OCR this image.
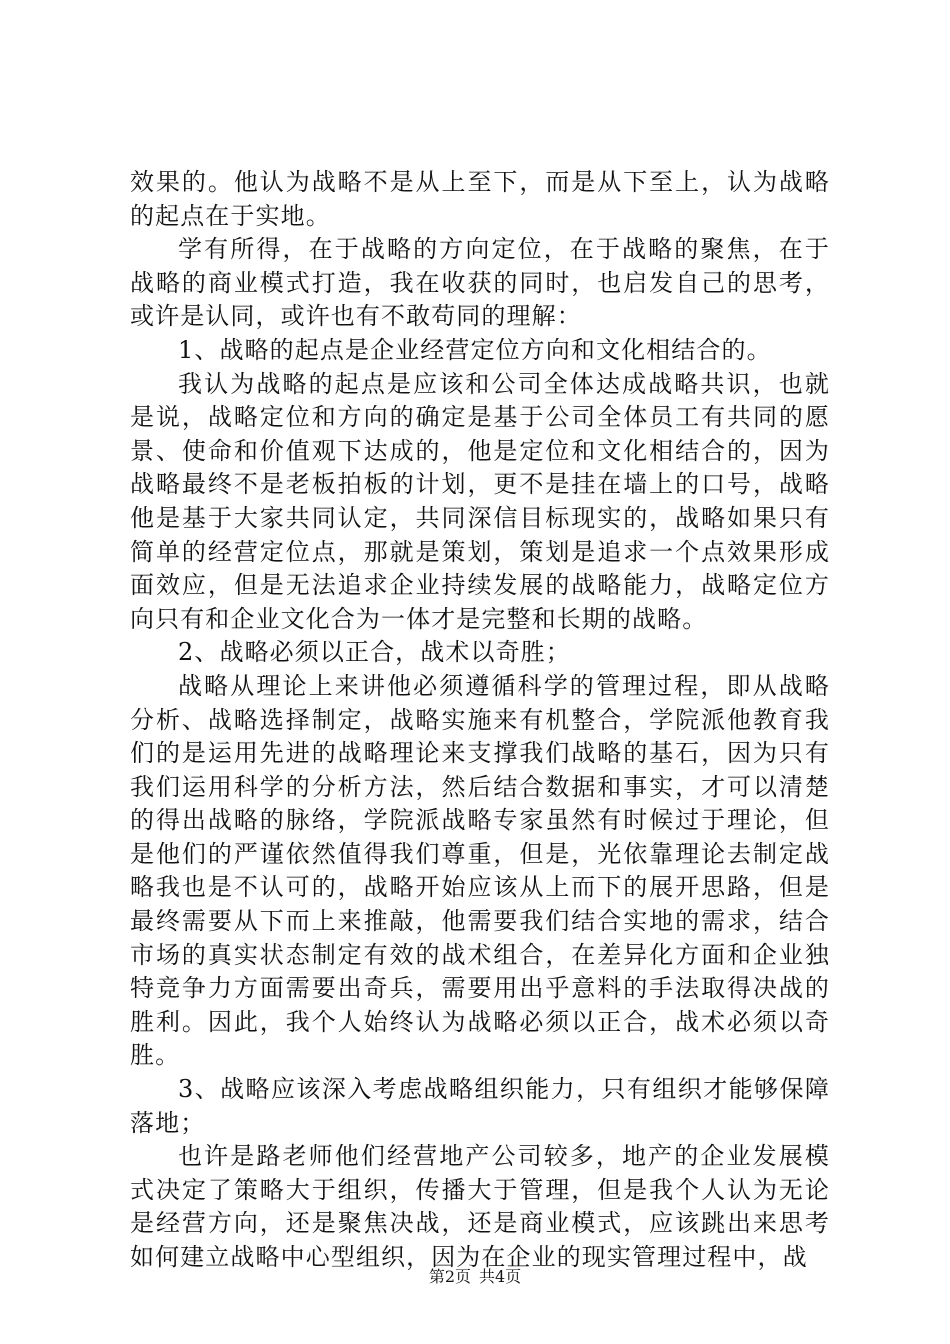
效果的。他认为战略不是从上至下，而是从下至上，认为战略的起点在于实地。

学有所得，在于战略的方向定位，在于战略的聚焦，在于战略的商业模式打造，我在收获的同时，也启发自己的思考，或许是认同，或许也有不敢苟同的理解：

1、战略的起点是企业经营定位方向和文化相结合的。

我认为战略的起点是应该和公司全体达成战略共识，也就是说，战略定位和方向的确定是基于公司全体员工有共同的愿景、使命和价值观下达成的，他是定位和文化相结合的，因为战略最终不是老板拍板的计划，更不是挂在墙上的口号，战略他是基于大家共同认定，共同深信目标现实的，战略如果只有简单的经营定位点，那就是策划，策划是追求一个点效果形成面效应，但是无法追求企业持续发展的战略能力，战略定位方向只有和企业文化合为一体才是完整和长期的战略。

2、战略必须以正合，战术以奇胜；

战略从理论上来讲他必须遵循科学的管理过程，即从战略分析、战略选择制定，战略实施来有机整合，学院派他教育我们的是运用先进的战略理论来支撑我们战略的基石，因为只有我们运用科学的分析方法，然后结合数据和事实，才可以清楚的得出战略的脉络，学院派战略专家虽然有时候过于理论，但是他们的严谨依然值得我们尊重，但是，光依靠理论去制定战略我也是不认可的，战略开始应该从上而下的展开思路，但是最终需要从下而上来推敲，他需要我们结合实地的需求，结合市场的真实状态制定有效的战术组合，在差异化方面和企业独特竞争力方面需要出奇兵，需要用出乎意料的手法取得决战的胜利。因此，我个人始终认为战略必须以正合，战术必须以奇胜。

3、战略应该深入考虑战略组织能力，只有组织才能够保障落地；

也许是路老师他们经营地产公司较多，地产的企业发展模式决定了策略大于组织，传播大于管理，但是我个人认为无论是经营方向，还是聚焦决战，还是商业模式，应该跳出来思考如何建立战略中心型组织，因为在企业的现实管理过程中，战

第2页 共4页
